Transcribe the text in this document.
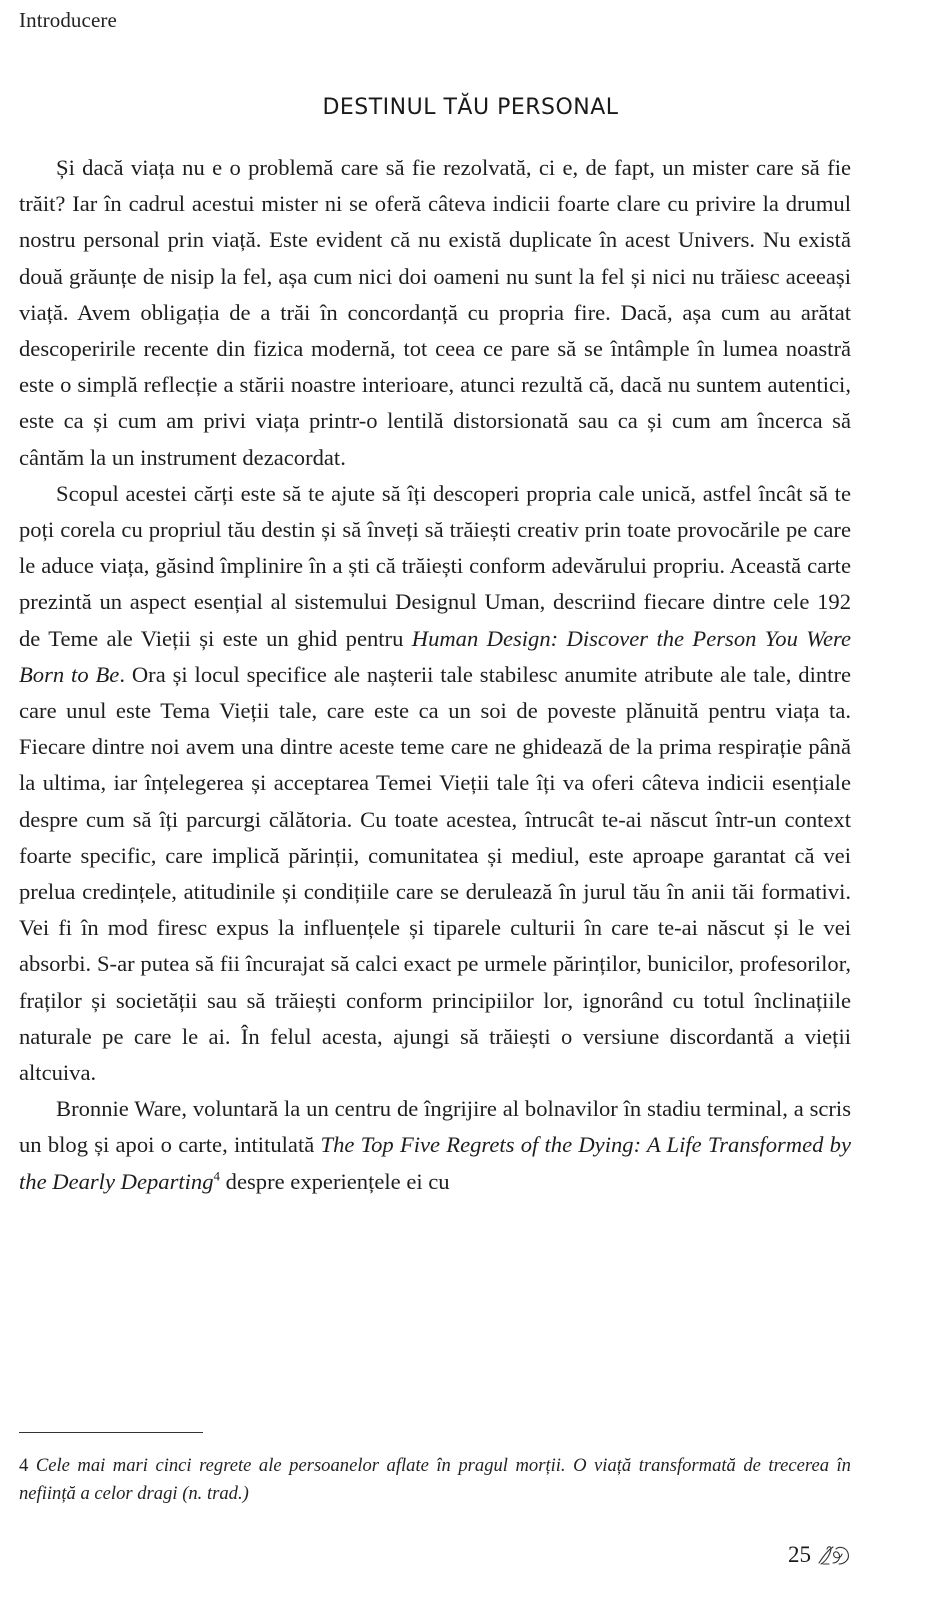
Introducere
DESTINUL TĂU PERSONAL

Și dacă viața nu e o problemă care să fie rezolvată, ci e, de fapt, un mister care să fie trăit? Iar în cadrul acestui mister ni se oferă câteva indicii foarte clare cu privire la drumul nostru personal prin viață. Este evident că nu există duplicate în acest Univers. Nu există două grăunțe de nisip la fel, așa cum nici doi oameni nu sunt la fel și nici nu trăiesc aceeași viață. Avem obligația de a trăi în concordanță cu propria fire. Dacă, așa cum au arătat descoperirile recente din fizica modernă, tot ceea ce pare să se întâmple în lumea noastră este o simplă reflecție a stării noastre interioare, atunci rezultă că, dacă nu suntem autentici, este ca și cum am privi viața printr-o lentilă distorsionată sau ca și cum am încerca să cântăm la un instrument dezacordat.

Scopul acestei cărți este să te ajute să îți descoperi propria cale unică, astfel încât să te poți corela cu propriul tău destin și să înveți să trăiești creativ prin toate provocările pe care le aduce viața, găsind împlinire în a ști că trăiești conform adevărului propriu. Această carte prezintă un aspect esențial al sistemului Designul Uman, descriind fiecare dintre cele 192 de Teme ale Vieții și este un ghid pentru Human Design: Discover the Person You Were Born to Be. Ora și locul specifice ale nașterii tale stabilesc anumite atribute ale tale, dintre care unul este Tema Vieții tale, care este ca un soi de poveste plănuită pentru viața ta. Fiecare dintre noi avem una dintre aceste teme care ne ghidează de la prima respirație până la ultima, iar înțelegerea și acceptarea Temei Vieții tale îți va oferi câteva indicii esențiale despre cum să îți parcurgi călătoria. Cu toate acestea, întrucât te-ai născut într-un context foarte specific, care implică părinții, comunitatea și mediul, este aproape garantat că vei prelua credințele, atitudinile și condițiile care se derulează în jurul tău în anii tăi formativi. Vei fi în mod firesc expus la influențele și tiparele culturii în care te-ai născut și le vei absorbi. S-ar putea să fii încurajat să calci exact pe urmele părinților, bunicilor, profesorilor, fraților și societății sau să trăiești conform principiilor lor, ignorând cu totul înclinațiile naturale pe care le ai. În felul acesta, ajungi să trăiești o versiune discordantă a vieții altcuiva.

Bronnie Ware, voluntară la un centru de îngrijire al bolnavilor în stadiu terminal, a scris un blog și apoi o carte, intitulată The Top Five Regrets of the Dying: A Life Transformed by the Dearly Departing$^4$ despre experiențele ei cu

4 Cele mai mari cinci regrete ale persoanelor aflate în pragul morții. O viață transformată de trecerea în neființă a celor dragi (n. trad.)
25
